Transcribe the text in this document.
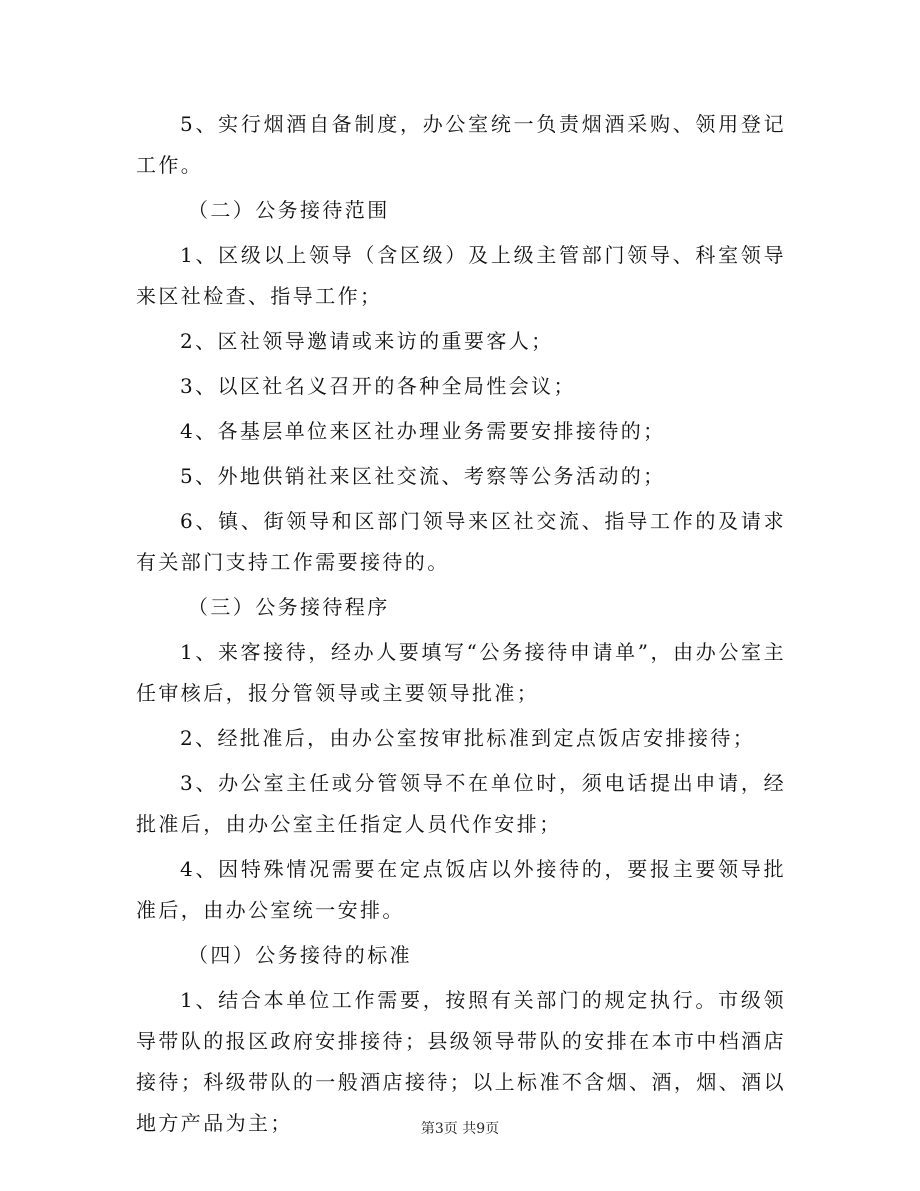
5、实行烟酒自备制度，办公室统一负责烟酒采购、领用登记工作。

（二）公务接待范围

1、区级以上领导（含区级）及上级主管部门领导、科室领导来区社检查、指导工作；

2、区社领导邀请或来访的重要客人；

3、以区社名义召开的各种全局性会议；

4、各基层单位来区社办理业务需要安排接待的；

5、外地供销社来区社交流、考察等公务活动的；

6、镇、街领导和区部门领导来区社交流、指导工作的及请求有关部门支持工作需要接待的。

（三）公务接待程序

1、来客接待，经办人要填写“公务接待申请单”，由办公室主任审核后，报分管领导或主要领导批准；

2、经批准后，由办公室按审批标准到定点饭店安排接待；

3、办公室主任或分管领导不在单位时，须电话提出申请，经批准后，由办公室主任指定人员代作安排；

4、因特殊情况需要在定点饭店以外接待的，要报主要领导批准后，由办公室统一安排。

（四）公务接待的标准

1、结合本单位工作需要，按照有关部门的规定执行。市级领导带队的报区政府安排接待；县级领导带队的安排在本市中档酒店接待；科级带队的一般酒店接待；以上标准不含烟、酒，烟、酒以地方产品为主；	第3页 共9页
